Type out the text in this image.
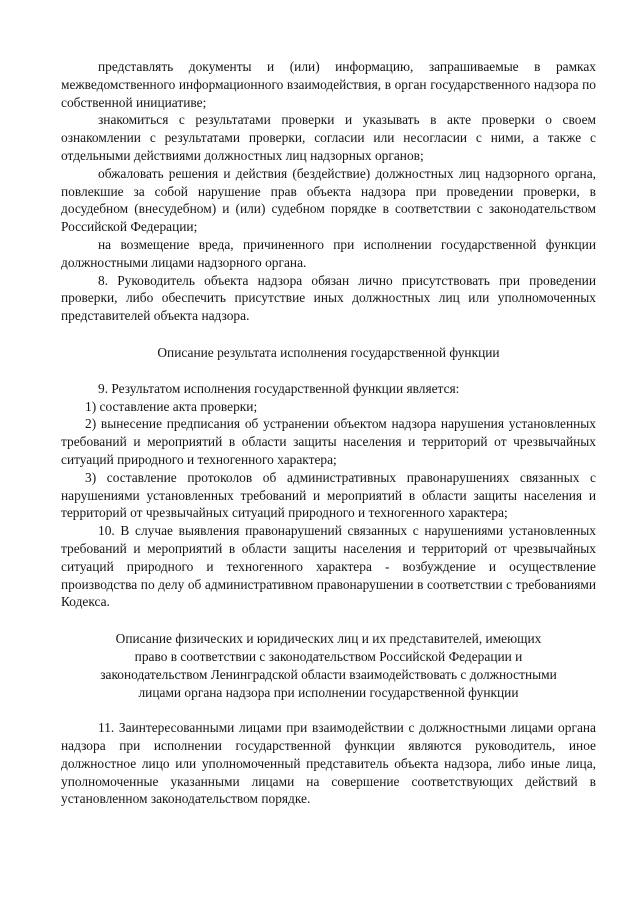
представлять документы и (или) информацию, запрашиваемые в рамках межведомственного информационного взаимодействия, в орган государственного надзора по собственной инициативе;

знакомиться с результатами проверки и указывать в акте проверки о своем ознакомлении с результатами проверки, согласии или несогласии с ними, а также с отдельными действиями должностных лиц надзорных органов;

обжаловать решения и действия (бездействие) должностных лиц надзорного органа, повлекшие за собой нарушение прав объекта надзора при проведении проверки, в досудебном (внесудебном) и (или) судебном порядке в соответствии с законодательством Российской Федерации;

на возмещение вреда, причиненного при исполнении государственной функции должностными лицами надзорного органа.

8. Руководитель объекта надзора обязан лично присутствовать при проведении проверки, либо обеспечить присутствие иных должностных лиц или уполномоченных представителей объекта надзора.

Описание результата исполнения государственной функции

9. Результатом исполнения государственной функции является:

1) составление акта проверки;

2) вынесение предписания об устранении объектом надзора нарушения установленных требований и мероприятий в области защиты населения и территорий от чрезвычайных ситуаций природного и техногенного характера;

3) составление протоколов об административных правонарушениях связанных с нарушениями установленных требований и мероприятий в области защиты населения и территорий от чрезвычайных ситуаций природного и техногенного характера;

10. В случае выявления правонарушений связанных с нарушениями установленных требований и мероприятий в области защиты населения и территорий от чрезвычайных ситуаций природного и техногенного характера - возбуждение и осуществление производства по делу об административном правонарушении в соответствии с требованиями Кодекса.

Описание физических и юридических лиц и их представителей, имеющих

право в соответствии с законодательством Российской Федерации и

законодательством Ленинградской области взаимодействовать с должностными

лицами органа надзора при исполнении государственной функции

11. Заинтересованными лицами при взаимодействии с должностными лицами органа надзора при исполнении государственной функции являются руководитель, иное должностное лицо или уполномоченный представитель объекта надзора, либо иные лица, уполномоченные указанными лицами на совершение соответствующих действий в установленном законодательством порядке.
